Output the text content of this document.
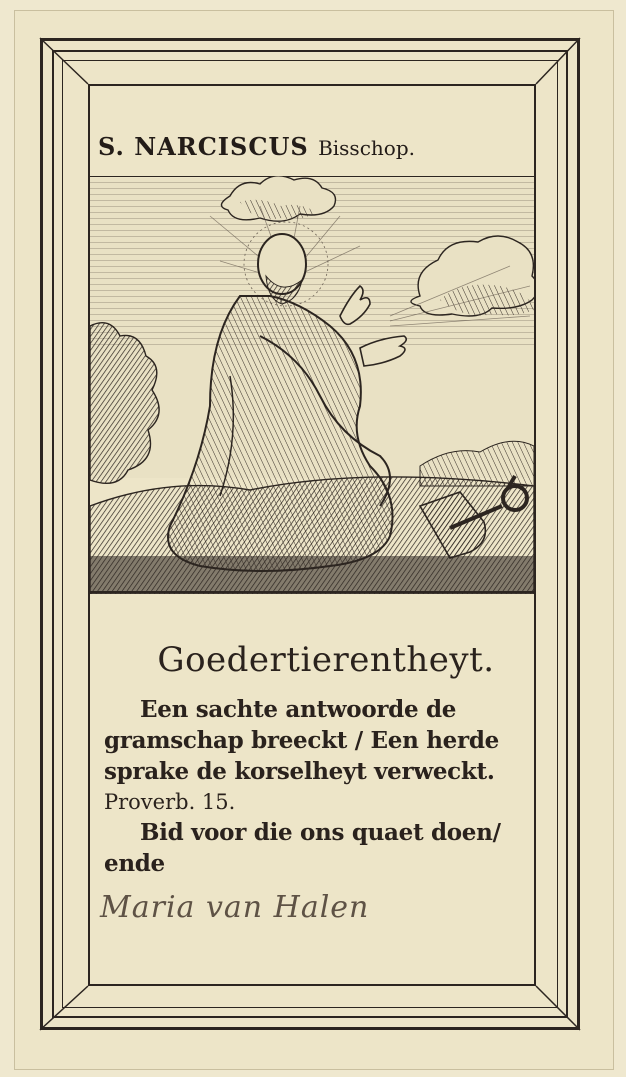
S. NARCISCUS Bisschop.
Goedertierentheyt.
Een sachte antwoorde de
gramschap breeckt / Een herde
sprake de korselheyt verweckt.
Proverb. 15.
Bid voor die ons quaet doen/
ende
Maria van Halen
